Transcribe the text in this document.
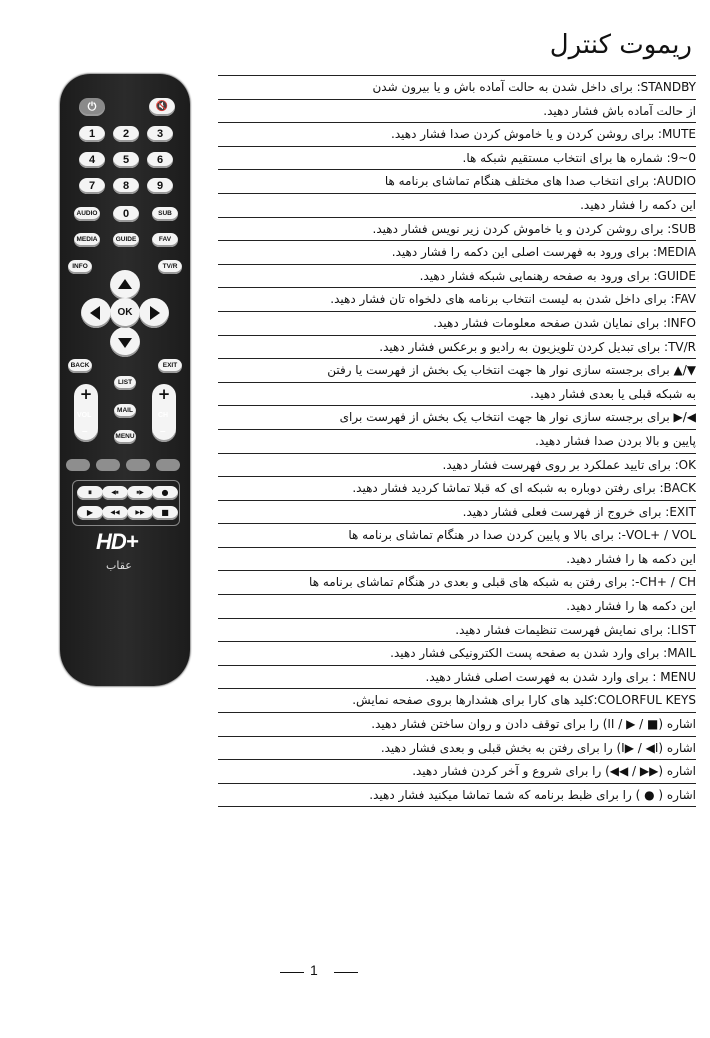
ریموت کنترل
⏻	🔇
1	2	3
4	5	6
7	8	9
AUDIO	0	SUB
MEDIA	GUIDE	FAV
INFO	TV/R
OK
BACK	EXIT
+
VOL
–
+
CH
–
LIST
MAIL
MENU
⏸	◀⏸	⏸▶	●
▶	◀◀	▶▶	■
HD+
عقاب
STANDBY: برای داخل شدن به حالت آماده باش و یا بیرون شدن
از حالت آماده باش فشار دهید.
MUTE: برای روشن کردن و یا خاموش کردن صدا فشار دهید.
0~9: شماره ها برای انتخاب مستقیم شبکه ها.
AUDIO: برای انتخاب صدا های مختلف هنگام تماشای برنامه ها
این دکمه را فشار دهید.
SUB: برای روشن کردن و یا خاموش کردن زیر نویس فشار دهید.
MEDIA: برای ورود به فهرست اصلی این دکمه را فشار دهید.
GUIDE: برای ورود به صفحه رهنمایی شبکه فشار دهید.
FAV: برای داخل شدن به لیست انتخاب برنامه های دلخواه تان فشار دهید.
INFO: برای نمایان شدن صفحه معلومات فشار دهید.
TV/R: برای تبدیل کردن تلویزیون به رادیو و برعکس فشار دهید.
▼/▲ برای برجسته سازی نوار ها جهت انتخاب یک بخش از فهرست یا رفتن
به شبکه قبلی یا بعدی فشار دهید.
◀/▶ برای برجسته سازی نوار ها جهت انتخاب یک بخش از فهرست برای
پایین و بالا بردن صدا فشار دهید.
OK: برای تایید عملکرد بر روی فهرست فشار دهید.
BACK: برای رفتن دوباره به شبکه ای که قبلا تماشا کردید فشار دهید.
EXIT: برای خروج از فهرست فعلی فشار دهید.
VOL+ / VOL-: برای بالا و پایین کردن صدا در هنگام تماشای برنامه ها
این دکمه ها را فشار دهید.
CH+ / CH-: برای رفتن به شبکه های قبلی و بعدی در هنگام تماشای برنامه ها
این دکمه ها را فشار دهید.
LIST: برای نمایش فهرست تنظیمات فشار دهید.
MAIL: برای وارد شدن به صفحه پست الکترونیکی فشار دهید.
MENU : برای وارد شدن به فهرست اصلی فشار دهید.
COLORFUL KEYS:کلید های کارا برای هشدارها بروی صفحه نمایش.
اشاره (■ / ▶ / II) را برای توقف دادن و روان ساختن فشار دهید.
اشاره (I▶ / ◀I) را برای رفتن به بخش قبلی و بعدی فشار دهید.
اشاره (▶▶ / ◀◀) را برای شروع و آخر کردن فشار دهید.
اشاره ( ● ) را برای ظبط برنامه که شما تماشا میکنید فشار دهید.
1
